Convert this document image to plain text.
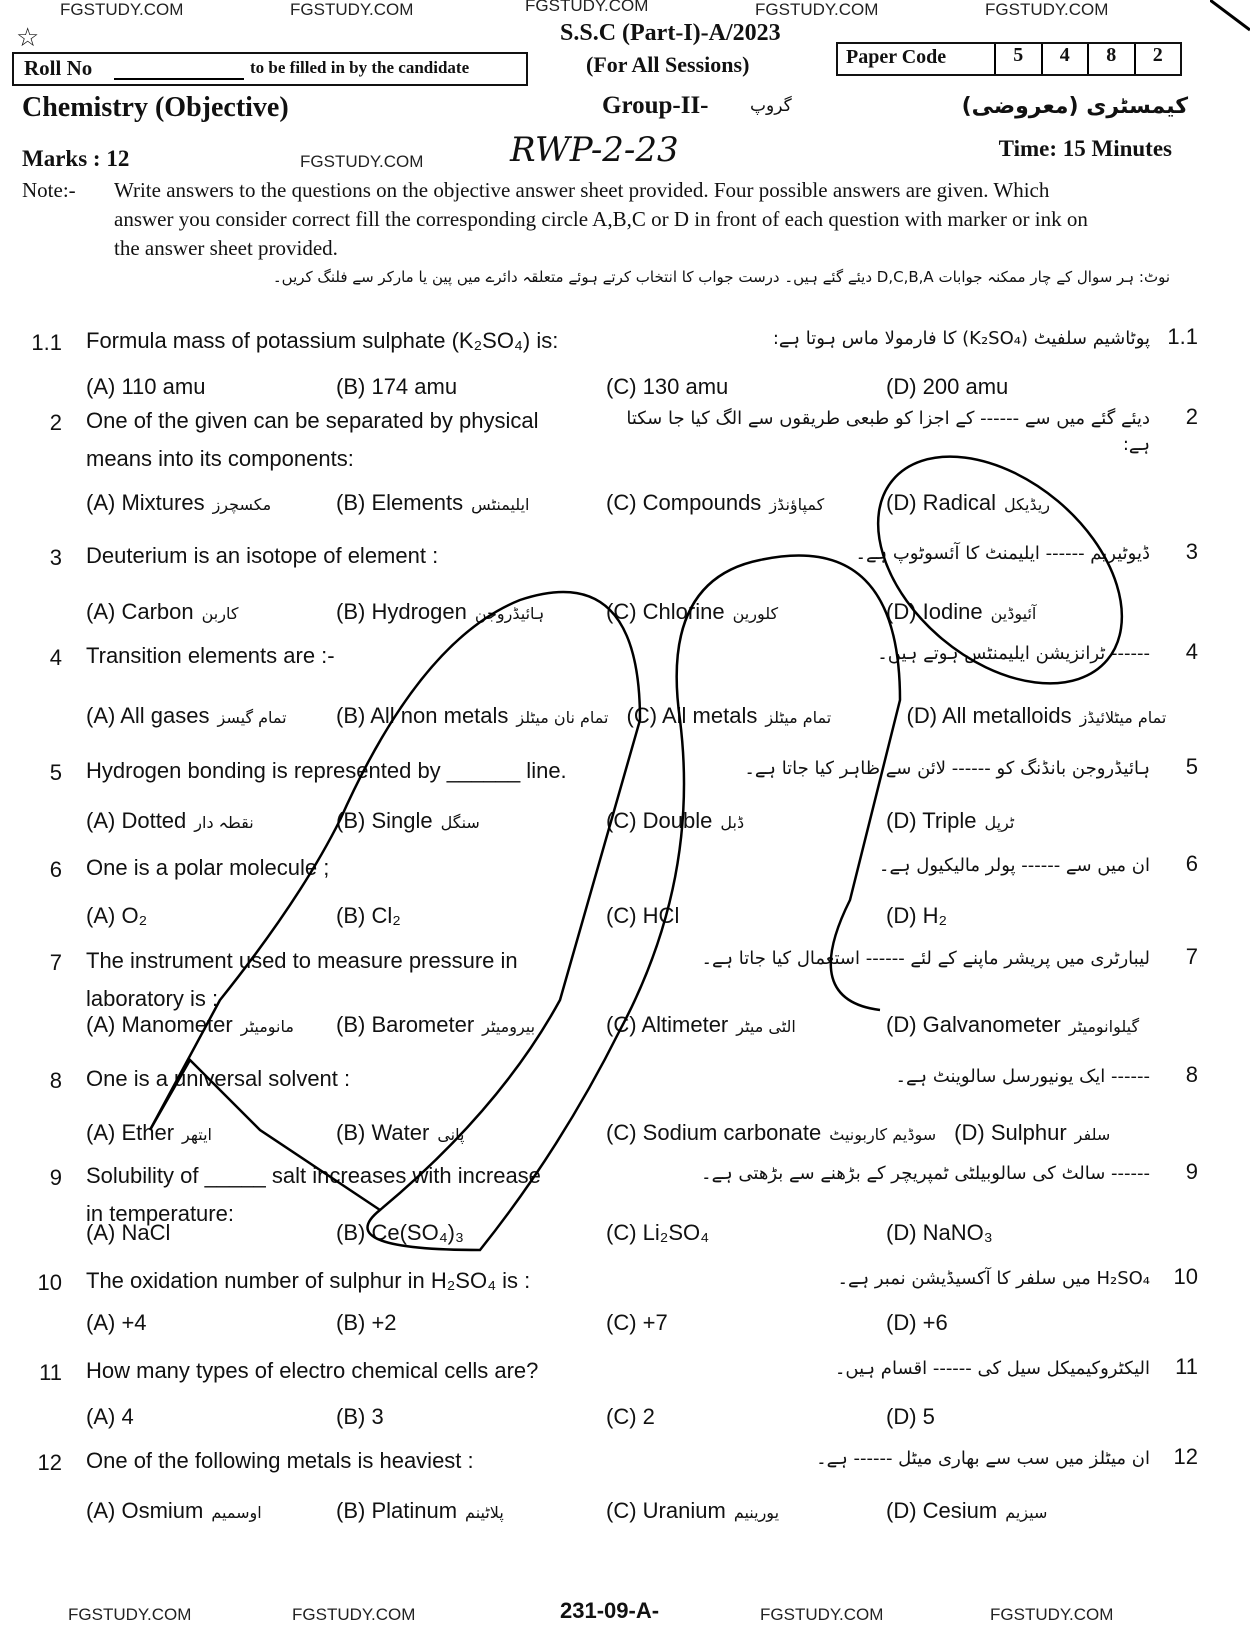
FGSTUDY.COM	FGSTUDY.COM	FGSTUDY.COM	FGSTUDY.COM	FGSTUDY.COM
☆	S.S.C (Part-I)-A/2023
Roll No	to be filled in by the candidate	(For All Sessions)	Paper Code	5	4	8	2
Chemistry (Objective)	Group-II- گروپ	کیمسٹری (معروضی)
Marks : 12	FGSTUDY.COM	RWP-2-23	Time: 15 Minutes
Note:- Write answers to the questions on the objective answer sheet provided. Four possible answers are given. Which answer you consider correct fill the corresponding circle A,B,C or D in front of each question with marker or ink on the answer sheet provided.
نوٹ: ہر سوال کے چار ممکنہ جوابات D,C,B,A دیئے گئے ہیں۔ درست جواب کا انتخاب کرتے ہوئے متعلقہ دائرے میں پین یا مارکر سے فلنگ کریں۔
1.1 Formula mass of potassium sulphate (K₂SO₄) is:	پوٹاشیم سلفیٹ (K₂SO₄) کا فارمولا ماس ہوتا ہے: 1.1
(A) 110 amu	(B) 174 amu	(C) 130 amu	(D) 200 amu
2 One of the given can be separated by physical means into its components:
دیئے گئے میں سے ------ کے اجزا کو طبعی طریقوں سے الگ کیا جا سکتا ہے:
2
(A) Mixtures مکسچرز	(B) Elements ایلیمنٹس	(C) Compounds کمپاؤنڈز	(D) Radical ریڈیکل
3 Deuterium is an isotope of element :	ڈیوٹیریم ------ ایلیمنٹ کا آئسوٹوپ ہے۔ 3
(A) Carbon کاربن	(B) Hydrogen ہائیڈروجن	(C) Chlorine کلورین	(D) Iodine آئیوڈین
4 Transition elements are :-	------ ٹرانزیشن ایلیمنٹس ہوتے ہیں۔ 4
(A) All gases تمام گیسز	(B) All non metals تمام نان میٹلز (C) All metals تمام میٹلز	(D) All metalloids تمام میٹلائیڈز
5 Hydrogen bonding is represented by ______ line.	ہائیڈروجن بانڈنگ کو ------ لائن سے ظاہر کیا جاتا ہے۔ 5
(A) Dotted نقطہ دار	(B) Single سنگل	(C) Double ڈبل	(D) Triple ٹرپل
6 One is a polar molecule ;	ان میں سے ------ پولر مالیکیول ہے۔ 6
(A) O₂	(B) Cl₂	(C) HCl	(D) H₂
7 The instrument used to measure pressure in laboratory is :
لیبارٹری میں پریشر ماپنے کے لئے ------ استعمال کیا جاتا ہے۔ 7
(A) Manometer مانومیٹر	(B) Barometer بیرومیٹر	(C) Altimeter الٹی میٹر	(D) Galvanometer گیلوانومیٹر
8 One is a universal solvent :	------ ایک یونیورسل سالوینٹ ہے۔ 8
(A) Ether ایتھر	(B) Water پانی	(C) Sodium carbonate سوڈیم کاربونیٹ (D) Sulphur سلفر
9 Solubility of _____ salt increases with increase in temperature:
------ سالٹ کی سالوبیلٹی ٹمپریچر کے بڑھنے سے بڑھتی ہے۔ 9
(A) NaCl	(B) Ce(SO₄)₃	(C) Li₂SO₄	(D) NaNO₃
10 The oxidation number of sulphur in H₂SO₄ is :	H₂SO₄ میں سلفر کا آکسیڈیشن نمبر ہے۔ 10
(A) +4	(B) +2	(C) +7	(D) +6
11 How many types of electro chemical cells are?	الیکٹروکیمیکل سیل کی ------ اقسام ہیں۔ 11
(A) 4	(B) 3	(C) 2	(D) 5
12 One of the following metals is heaviest :	ان میٹلز میں سب سے بھاری میٹل ------ ہے۔ 12
(A) Osmium اوسمیم	(B) Platinum پلاٹینم	(C) Uranium یورینیم	(D) Cesium سیزیم
FGSTUDY.COM	FGSTUDY.COM	231-09-A-	FGSTUDY.COM	FGSTUDY.COM
